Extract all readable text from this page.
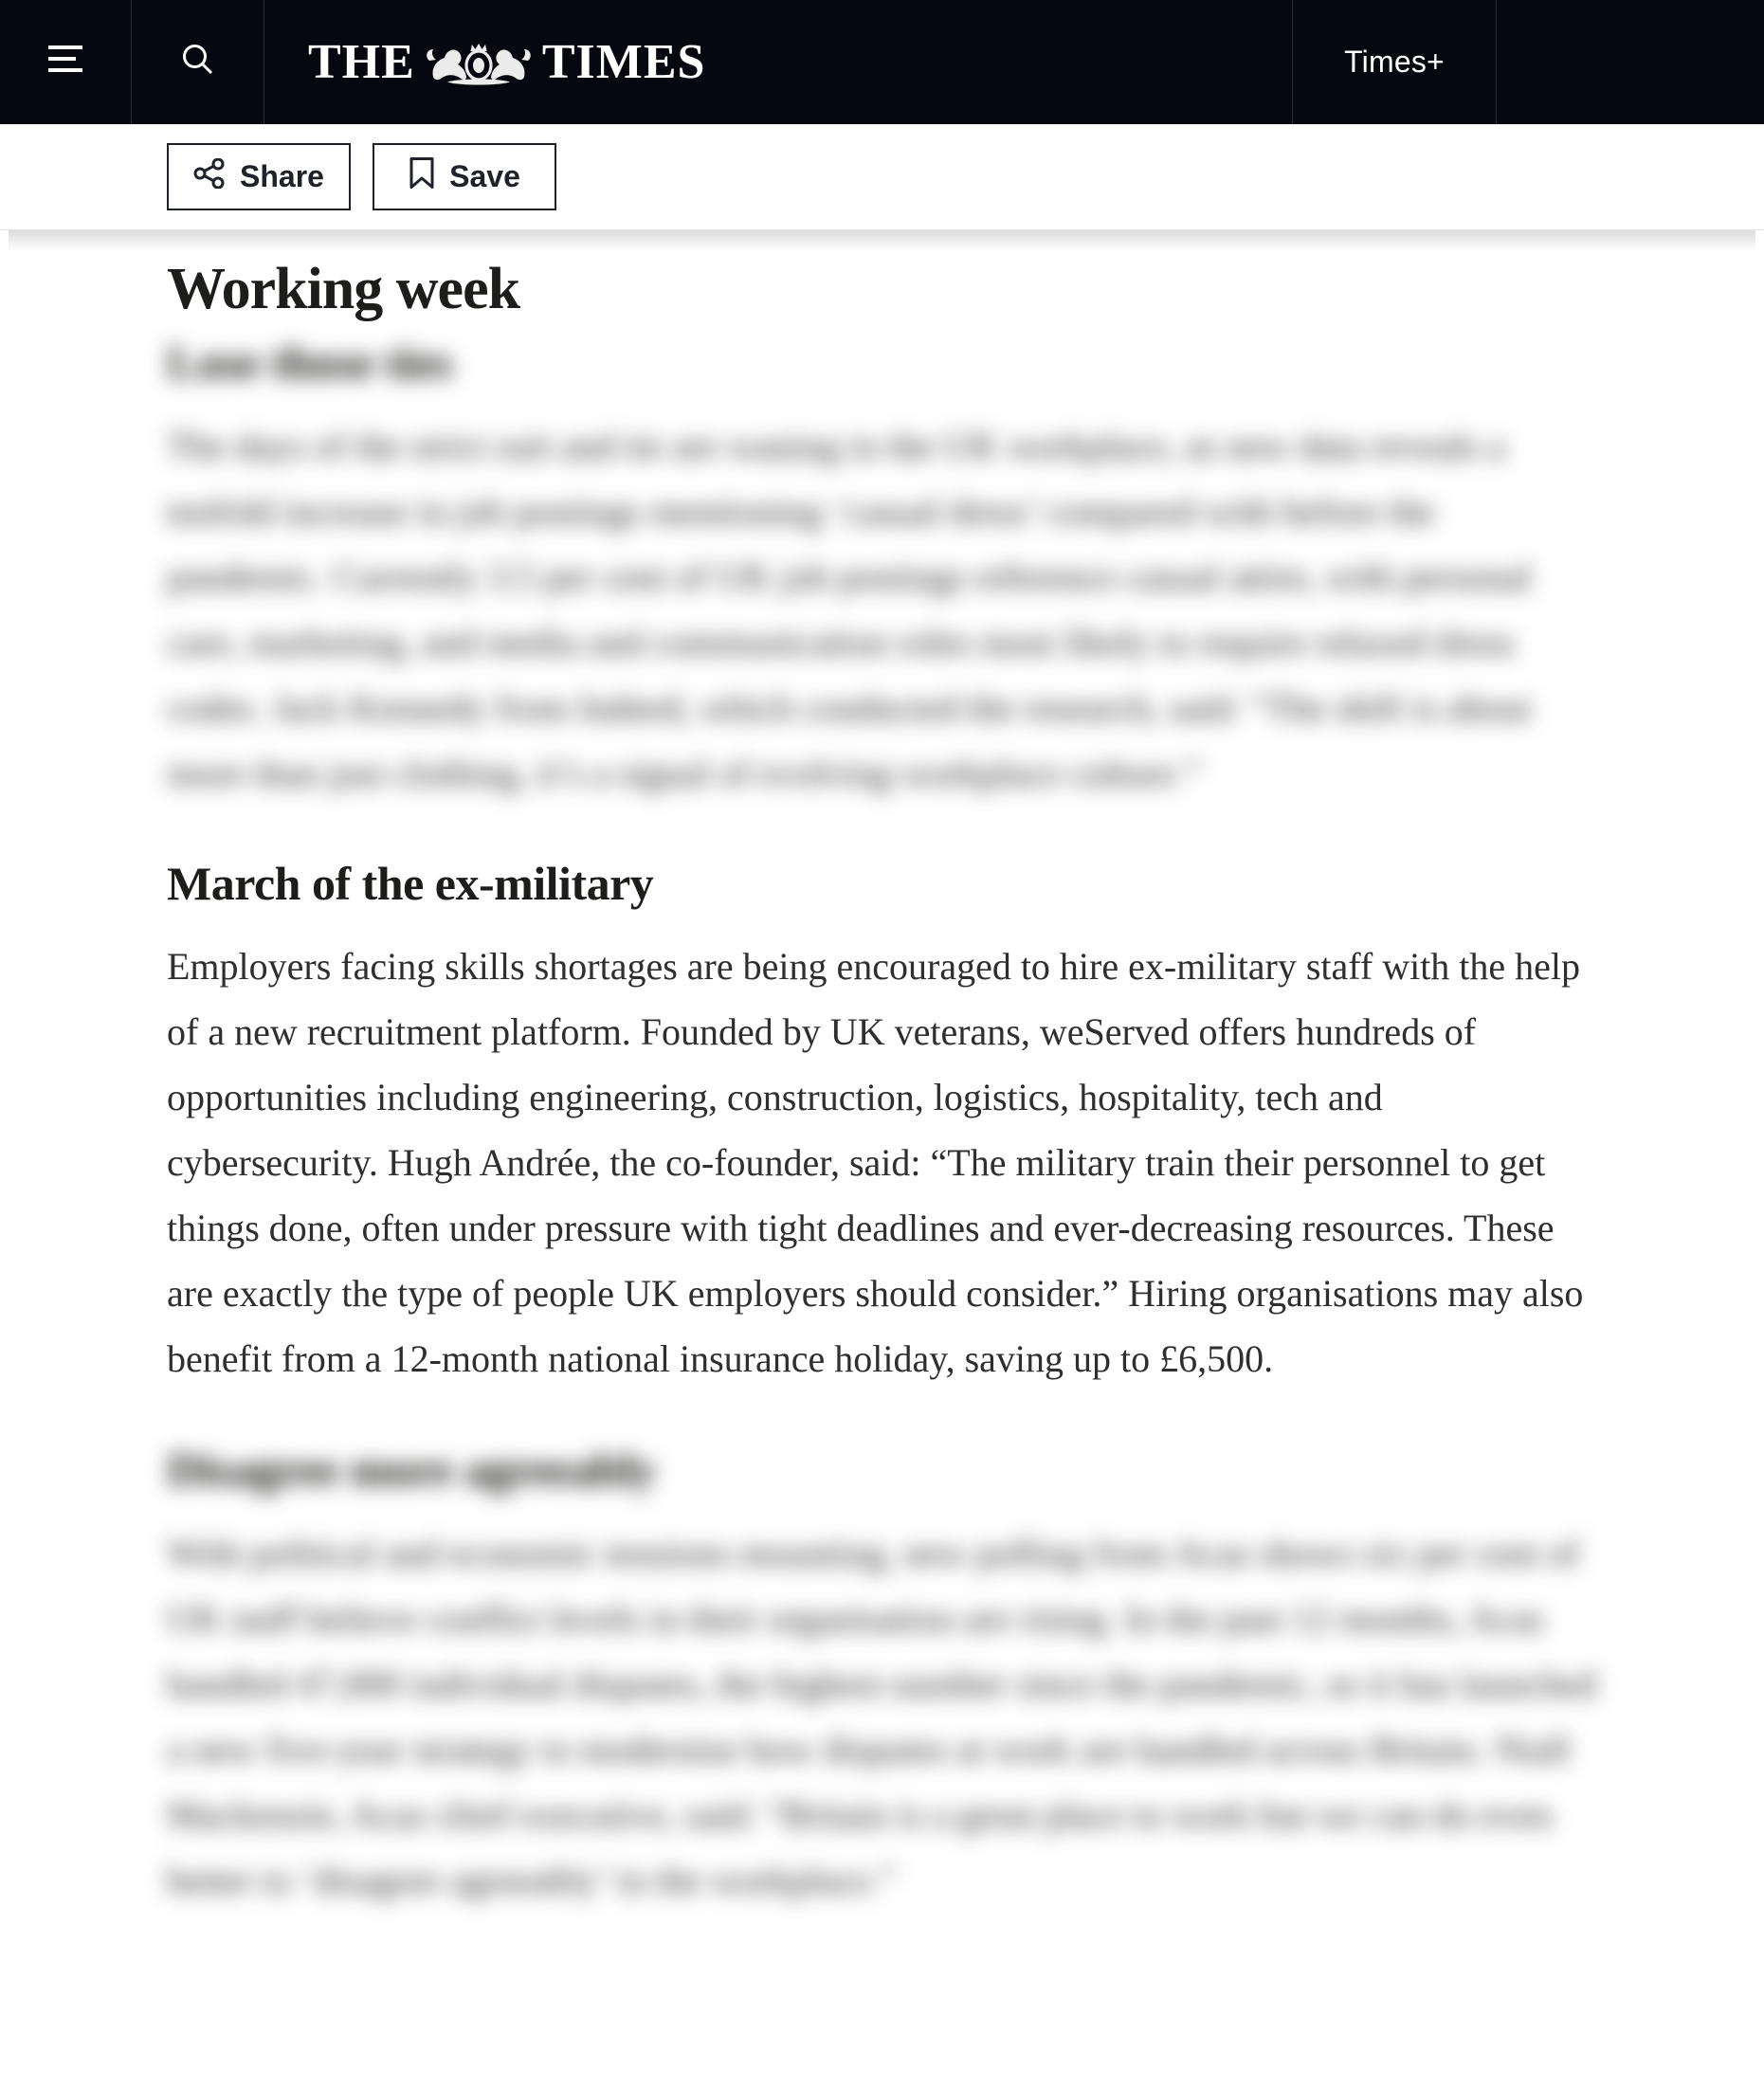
THE	TIMES	Times+
Share	Save
Working week
Lose those ties

The days of the strict suit and tie are waning in the UK workplace, as new data reveals a tenfold increase in job postings mentioning ‘casual dress’ compared with before the pandemic. Currently 3.5 per cent of UK job postings reference casual attire, with personal care, marketing, and media and communication roles most likely to require relaxed dress codes. Jack Kennedy from Indeed, which conducted the research, said: “The shift is about more than just clothing, it’s a signal of evolving workplace culture.”

March of the ex-military

Employers facing skills shortages are being encouraged to hire ex-military staff with the help of a new recruitment platform. Founded by UK veterans, weServed offers hundreds of opportunities including engineering, construction, logistics, hospitality, tech and cybersecurity. Hugh Andrée, the co-founder, said: “The military train their personnel to get things done, often under pressure with tight deadlines and ever-decreasing resources. These are exactly the type of people UK employers should consider.” Hiring organisations may also benefit from a 12-month national insurance holiday, saving up to £6,500.

Disagree more agreeably

With political and economic tensions mounting, new polling from Acas shows six per cent of UK staff believe conflict levels in their organisation are rising. In the past 12 months, Acas handled 47,000 individual disputes, the highest number since the pandemic, so it has launched a new five-year strategy to modernise how disputes at work are handled across Britain. Niall Mackenzie, Acas chief executive, said: “Britain is a great place to work but we can do even better to ‘disagree agreeably’ in the workplace.”
